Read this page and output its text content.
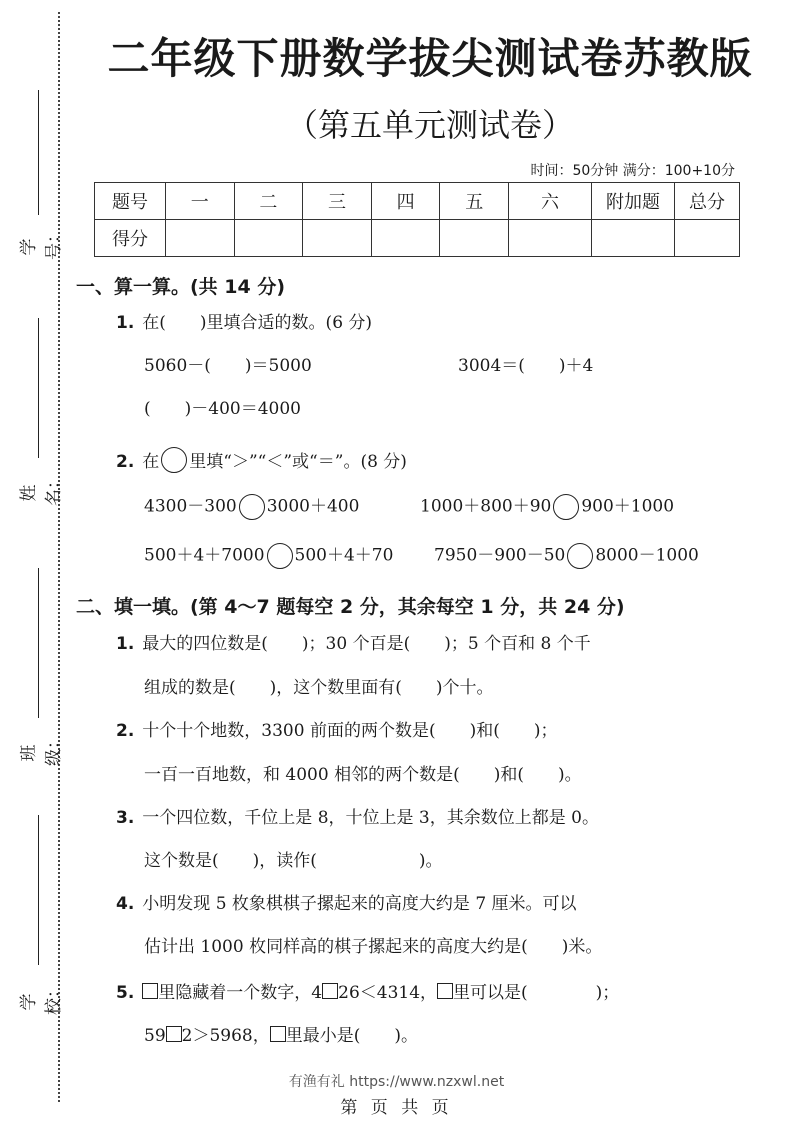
学号：
姓名：
班级：
学校：
二年级下册数学拔尖测试卷苏教版
（第五单元测试卷）
时间：50分钟 满分：100+10分
题号	一	二	三	四	五	六	附加题	总分
得分								
一、算一算。(共 14 分)
1. 在(　　)里填合适的数。(6 分)
5060－(　　)＝5000	3004＝(　　)＋4
(　　)－400＝4000
2. 在 里填“＞”“＜”或“＝”。(8 分)
4300－300 3000＋400	1000＋800＋90 900＋1000
500＋4＋7000 500＋4＋70 7950－900－50 8000－1000
二、填一填。(第 4～7 题每空 2 分，其余每空 1 分，共 24 分)
1. 最大的四位数是(　　)；30 个百是(　　)；5 个百和 8 个千
组成的数是(　　)，这个数里面有(　　)个十。
2. 十个十个地数，3300 前面的两个数是(　　)和(　　)；
一百一百地数，和 4000 相邻的两个数是(　　)和(　　)。
3. 一个四位数，千位上是 8，十位上是 3，其余数位上都是 0。
这个数是(　　)，读作(　　　　　　)。
4. 小明发现 5 枚象棋棋子摞起来的高度大约是 7 厘米。可以
估计出 1000 枚同样高的棋子摞起来的高度大约是(　　)米。
5. 里隐藏着一个数字，4 26＜4314， 里可以是(　　　　)；
59 2＞5968， 里最小是(　　)。
有渔有礼 https://www.nzxwl.net
第 页 共 页
